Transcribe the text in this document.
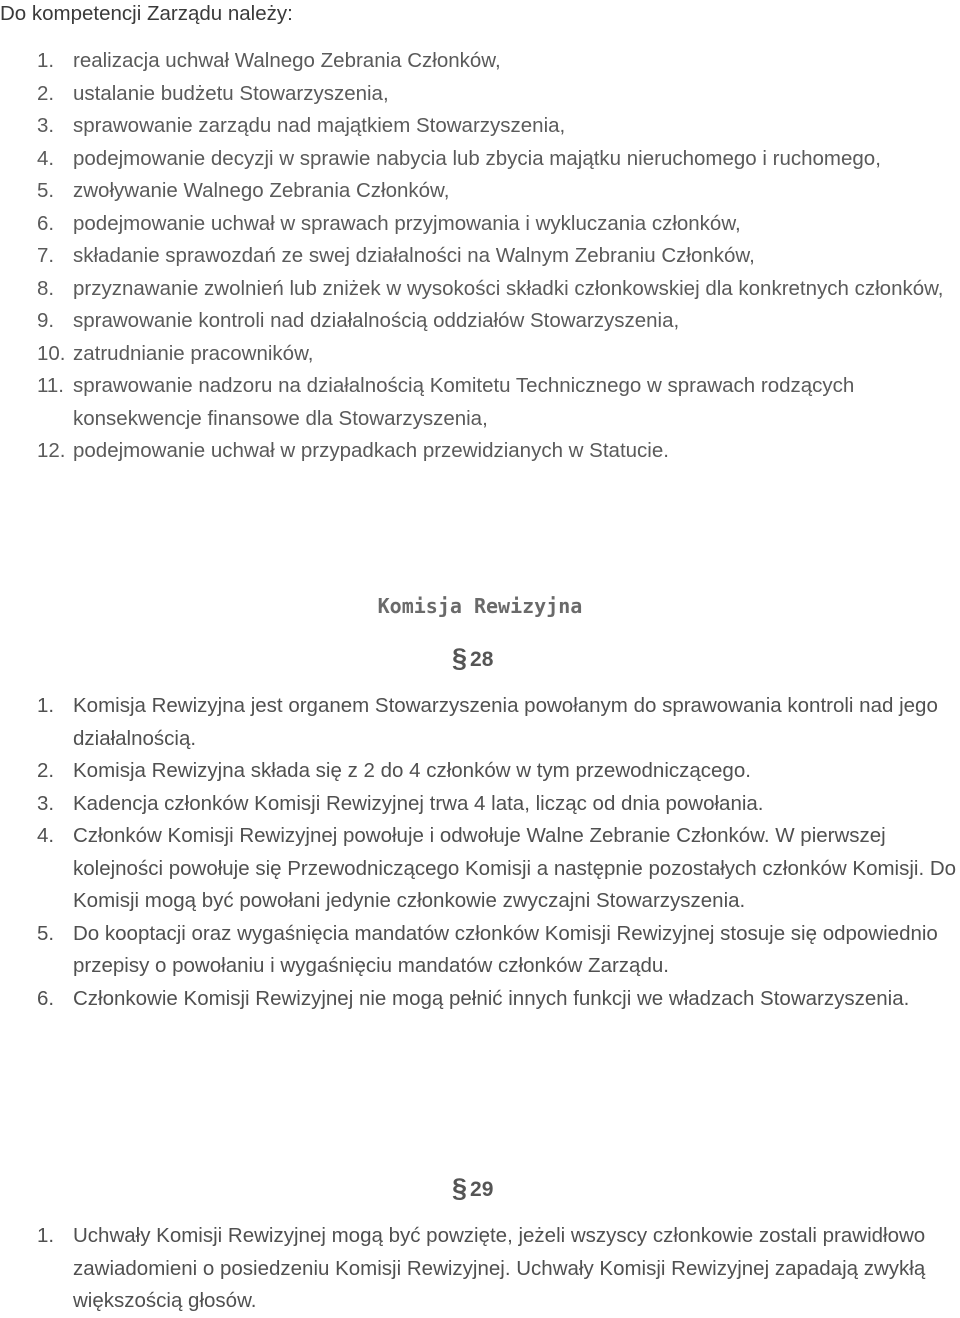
Do kompetencji Zarządu należy:
1. realizacja uchwał Walnego Zebrania Członków,
2. ustalanie budżetu Stowarzyszenia,
3. sprawowanie zarządu nad majątkiem Stowarzyszenia,
4. podejmowanie decyzji w sprawie nabycia lub zbycia majątku nieruchomego i ruchomego,
5. zwoływanie Walnego Zebrania Członków,
6. podejmowanie uchwał w sprawach przyjmowania i wykluczania członków,
7. składanie sprawozdań ze swej działalności na Walnym Zebraniu Członków,
8. przyznawanie zwolnień lub zniżek w wysokości składki członkowskiej dla konkretnych członków,
9. sprawowanie kontroli nad działalnością oddziałów Stowarzyszenia,
10. zatrudnianie pracowników,
11. sprawowanie nadzoru na działalnością Komitetu Technicznego w sprawach rodzących konsekwencje finansowe dla Stowarzyszenia,
12. podejmowanie uchwał w przypadkach przewidzianych w Statucie.
Komisja Rewizyjna
§ 28
1. Komisja Rewizyjna jest organem Stowarzyszenia powołanym do sprawowania kontroli nad jego działalnością.
2. Komisja Rewizyjna składa się z 2 do 4 członków w tym przewodniczącego.
3. Kadencja członków Komisji Rewizyjnej trwa 4 lata, licząc od dnia powołania.
4. Członków Komisji Rewizyjnej powołuje i odwołuje Walne Zebranie Członków. W pierwszej kolejności powołuje się Przewodniczącego Komisji a następnie pozostałych członków Komisji. Do Komisji mogą być powołani jedynie członkowie zwyczajni Stowarzyszenia.
5. Do kooptacji oraz wygaśnięcia mandatów członków Komisji Rewizyjnej stosuje się odpowiednio przepisy o powołaniu i wygaśnięciu mandatów członków Zarządu.
6. Członkowie Komisji Rewizyjnej nie mogą pełnić innych funkcji we władzach Stowarzyszenia.
§ 29
1. Uchwały Komisji Rewizyjnej mogą być powzięte, jeżeli wszyscy członkowie zostali prawidłowo zawiadomieni o posiedzeniu Komisji Rewizyjnej. Uchwały Komisji Rewizyjnej zapadają zwykłą większością głosów.
